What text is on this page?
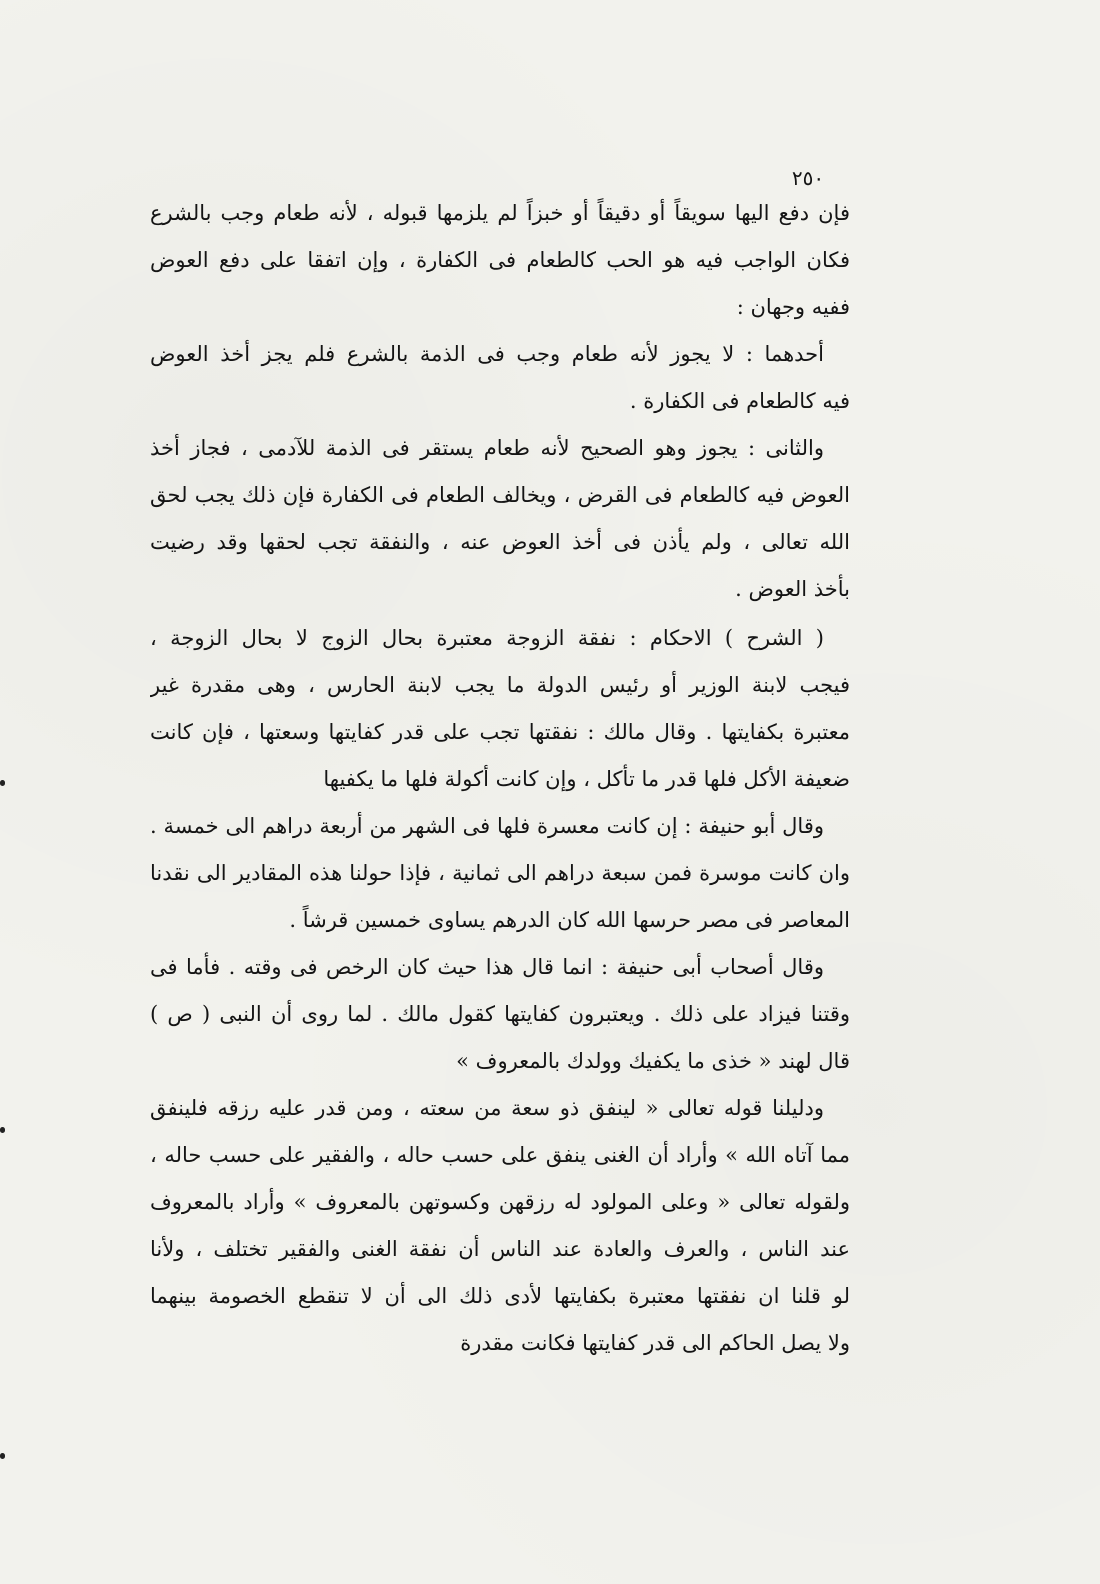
٢٥٠
فإن دفع اليها سويقاً أو دقيقاً أو خبزاً لم يلزمها قبوله ، لأنه طعام وجب بالشرع
فكان الواجب فيه هو الحب كالطعام فى الكفارة ، وإن اتفقا على دفع العوض
ففيه وجهان :
أحدهما : لا يجوز لأنه طعام وجب فى الذمة بالشرع فلم يجز أخذ العوض
فيه كالطعام فى الكفارة .
والثانى : يجوز وهو الصحيح لأنه طعام يستقر فى الذمة للآدمى ، فجاز أخذ
العوض فيه كالطعام فى القرض ، ويخالف الطعام فى الكفارة فإن ذلك يجب لحق
الله تعالى ، ولم يأذن فى أخذ العوض عنه ، والنفقة تجب لحقها وقد رضيت
بأخذ العوض .
( الشرح ) الاحكام : نفقة الزوجة معتبرة بحال الزوج لا بحال الزوجة ،
فيجب لابنة الوزير أو رئيس الدولة ما يجب لابنة الحارس ، وهى مقدرة غير
معتبرة بكفايتها . وقال مالك : نفقتها تجب على قدر كفايتها وسعتها ، فإن كانت
ضعيفة الأكل فلها قدر ما تأكل ، وإن كانت أكولة فلها ما يكفيها
وقال أبو حنيفة : إن كانت معسرة فلها فى الشهر من أربعة دراهم الى خمسة .
وان كانت موسرة فمن سبعة دراهم الى ثمانية ، فإذا حولنا هذه المقادير الى نقدنا
المعاصر فى مصر حرسها الله كان الدرهم يساوى خمسين قرشاً .
وقال أصحاب أبى حنيفة : انما قال هذا حيث كان الرخص فى وقته . فأما فى
وقتنا فيزاد على ذلك . ويعتبرون كفايتها كقول مالك . لما روى أن النبى ( ص )
قال لهند « خذى ما يكفيك وولدك بالمعروف »
ودليلنا قوله تعالى « لينفق ذو سعة من سعته ، ومن قدر عليه رزقه فلينفق
مما آتاه الله » وأراد أن الغنى ينفق على حسب حاله ، والفقير على حسب حاله ،
ولقوله تعالى « وعلى المولود له رزقهن وكسوتهن بالمعروف » وأراد بالمعروف
عند الناس ، والعرف والعادة عند الناس أن نفقة الغنى والفقير تختلف ، ولأنا
لو قلنا ان نفقتها معتبرة بكفايتها لأدى ذلك الى أن لا تنقطع الخصومة بينهما
ولا يصل الحاكم الى قدر كفايتها فكانت مقدرة
